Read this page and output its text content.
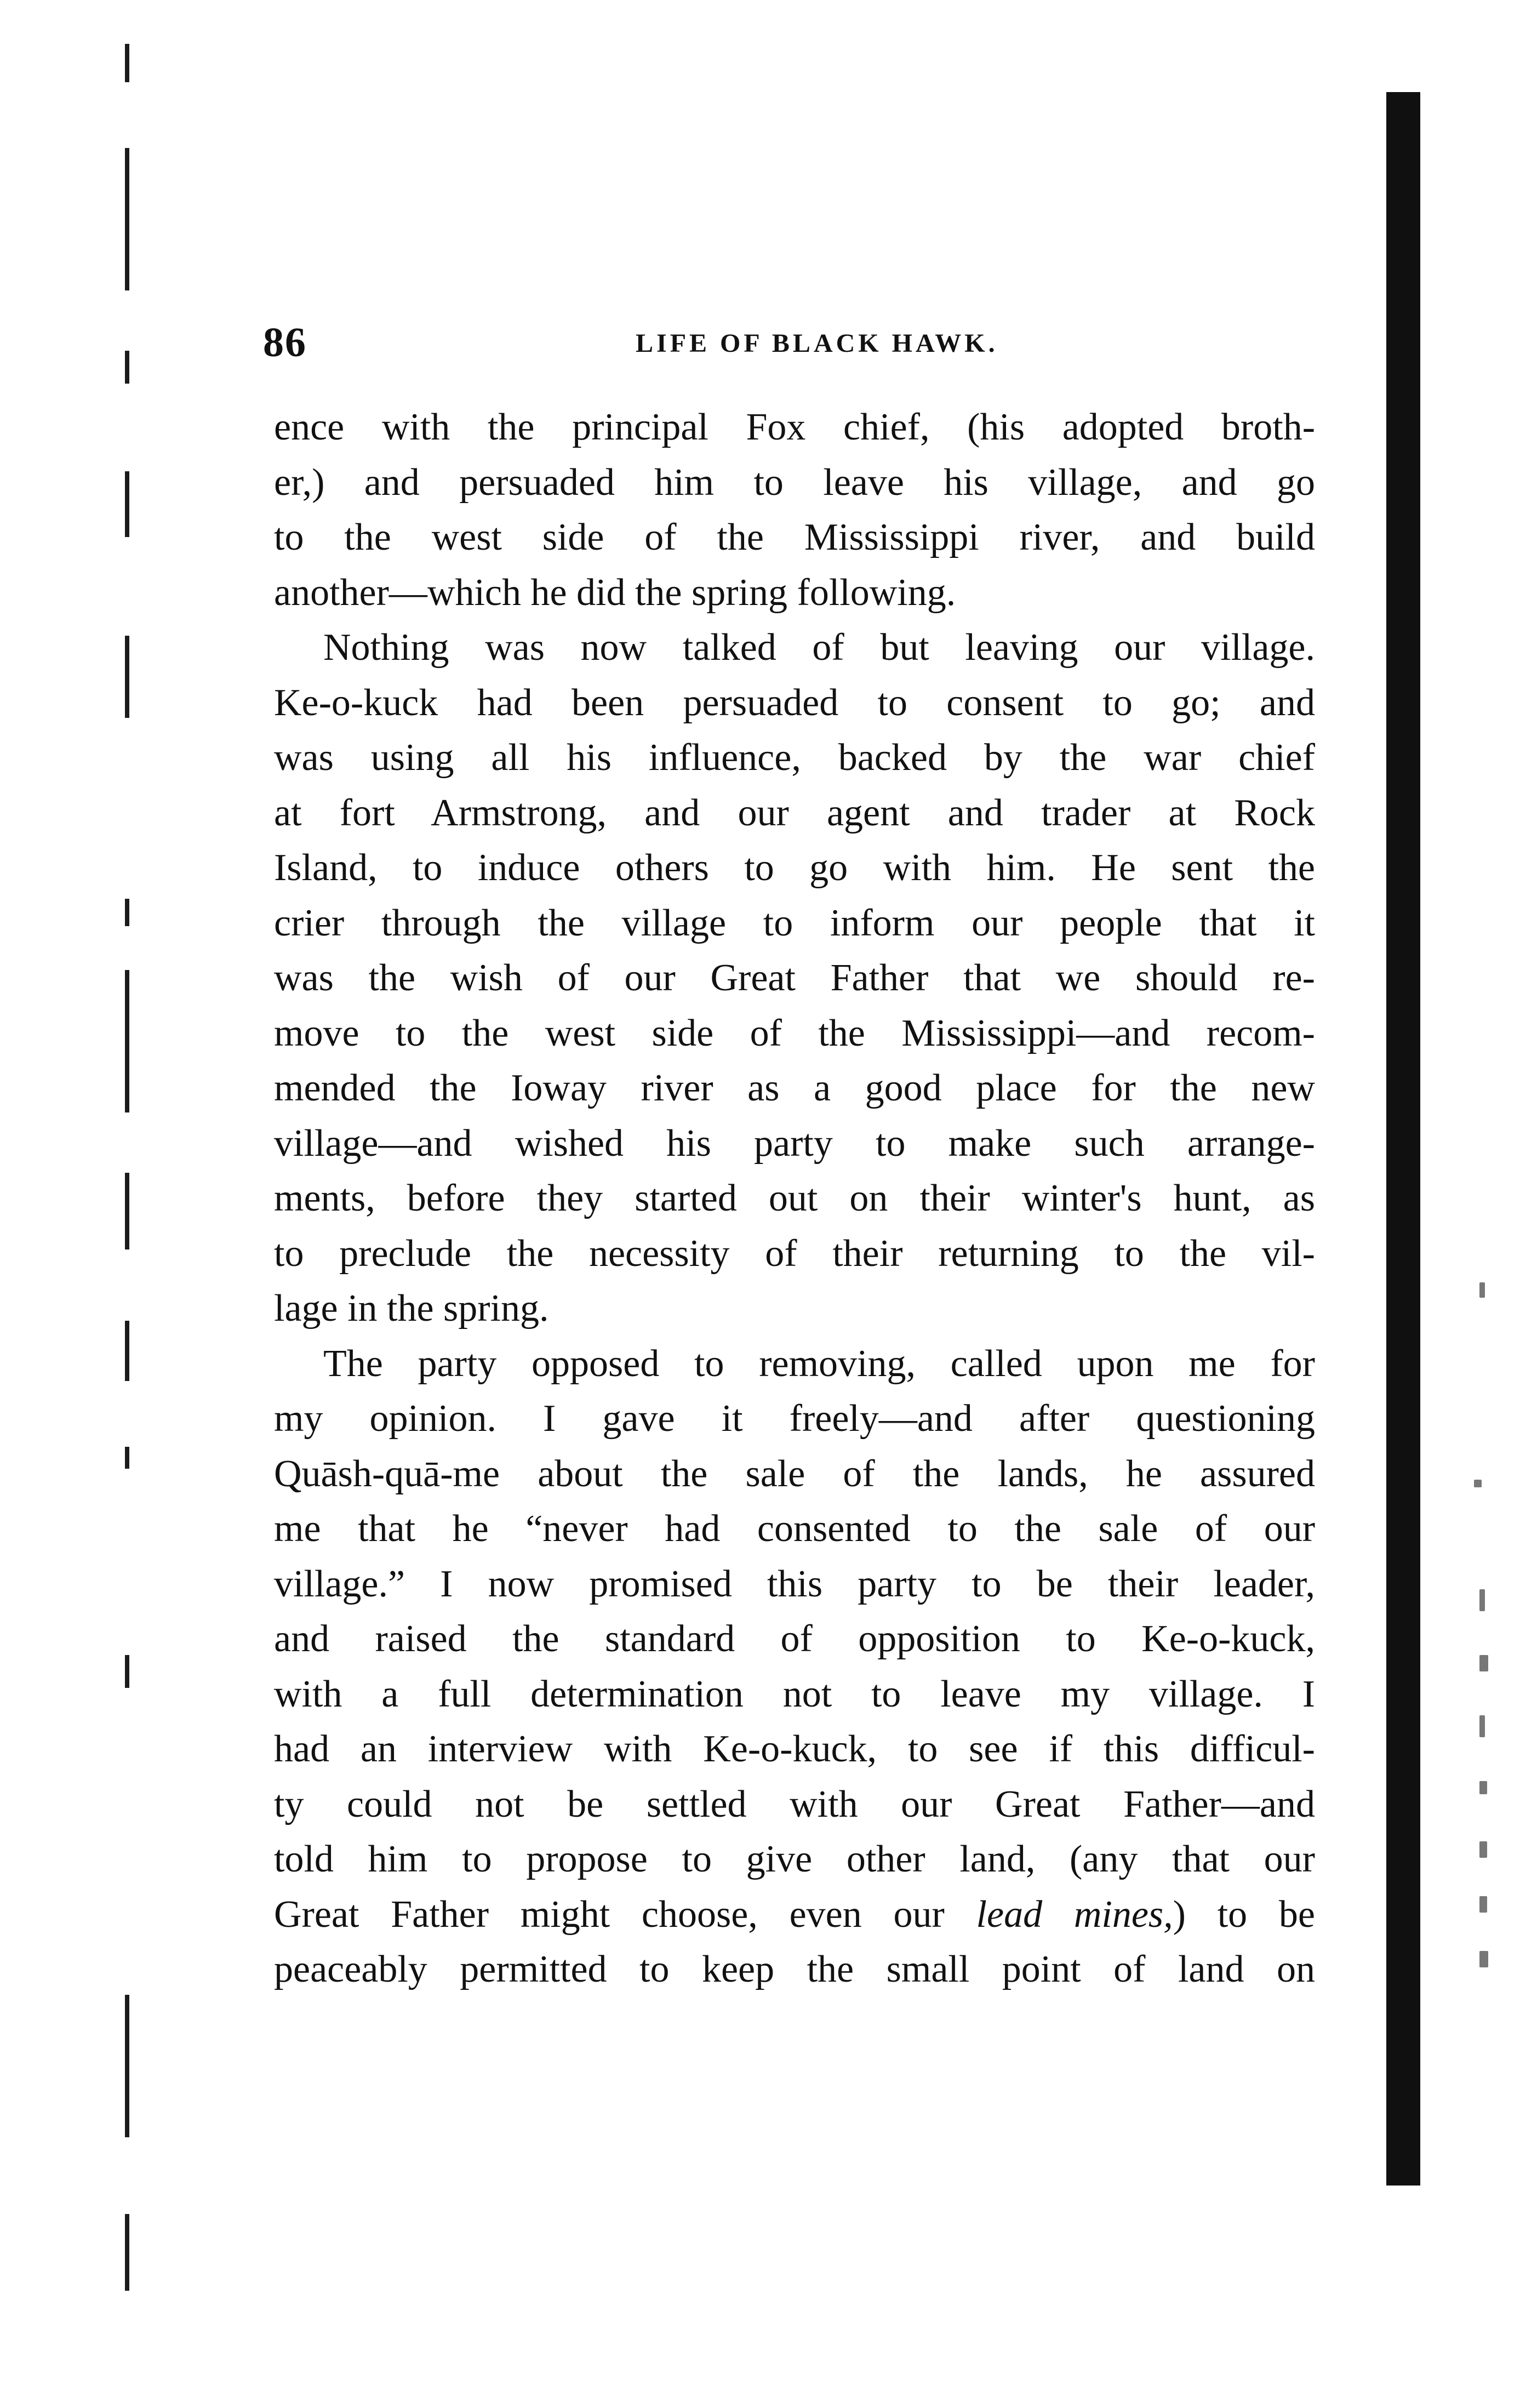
86	LIFE OF BLACK HAWK.
ence with the principal Fox chief, (his adopted broth-
er,) and persuaded him to leave his village, and go
to the west side of the Mississippi river, and build
another—which he did the spring following.
Nothing was now talked of but leaving our village.
Ke-o-kuck had been persuaded to consent to go; and
was using all his influence, backed by the war chief
at fort Armstrong, and our agent and trader at Rock
Island, to induce others to go with him. He sent the
crier through the village to inform our people that it
was the wish of our Great Father that we should re-
move to the west side of the Mississippi—and recom-
mended the Ioway river as a good place for the new
village—and wished his party to make such arrange-
ments, before they started out on their winter's hunt, as
to preclude the necessity of their returning to the vil-
lage in the spring.
The party opposed to removing, called upon me for
my opinion. I gave it freely—and after questioning
Quāsh-quā-me about the sale of the lands, he assured
me that he “never had consented to the sale of our
village.” I now promised this party to be their leader,
and raised the standard of opposition to Ke-o-kuck,
with a full determination not to leave my village. I
had an interview with Ke-o-kuck, to see if this difficul-
ty could not be settled with our Great Father—and
told him to propose to give other land, (any that our
Great Father might choose, even our lead mines,) to be
peaceably permitted to keep the small point of land on
